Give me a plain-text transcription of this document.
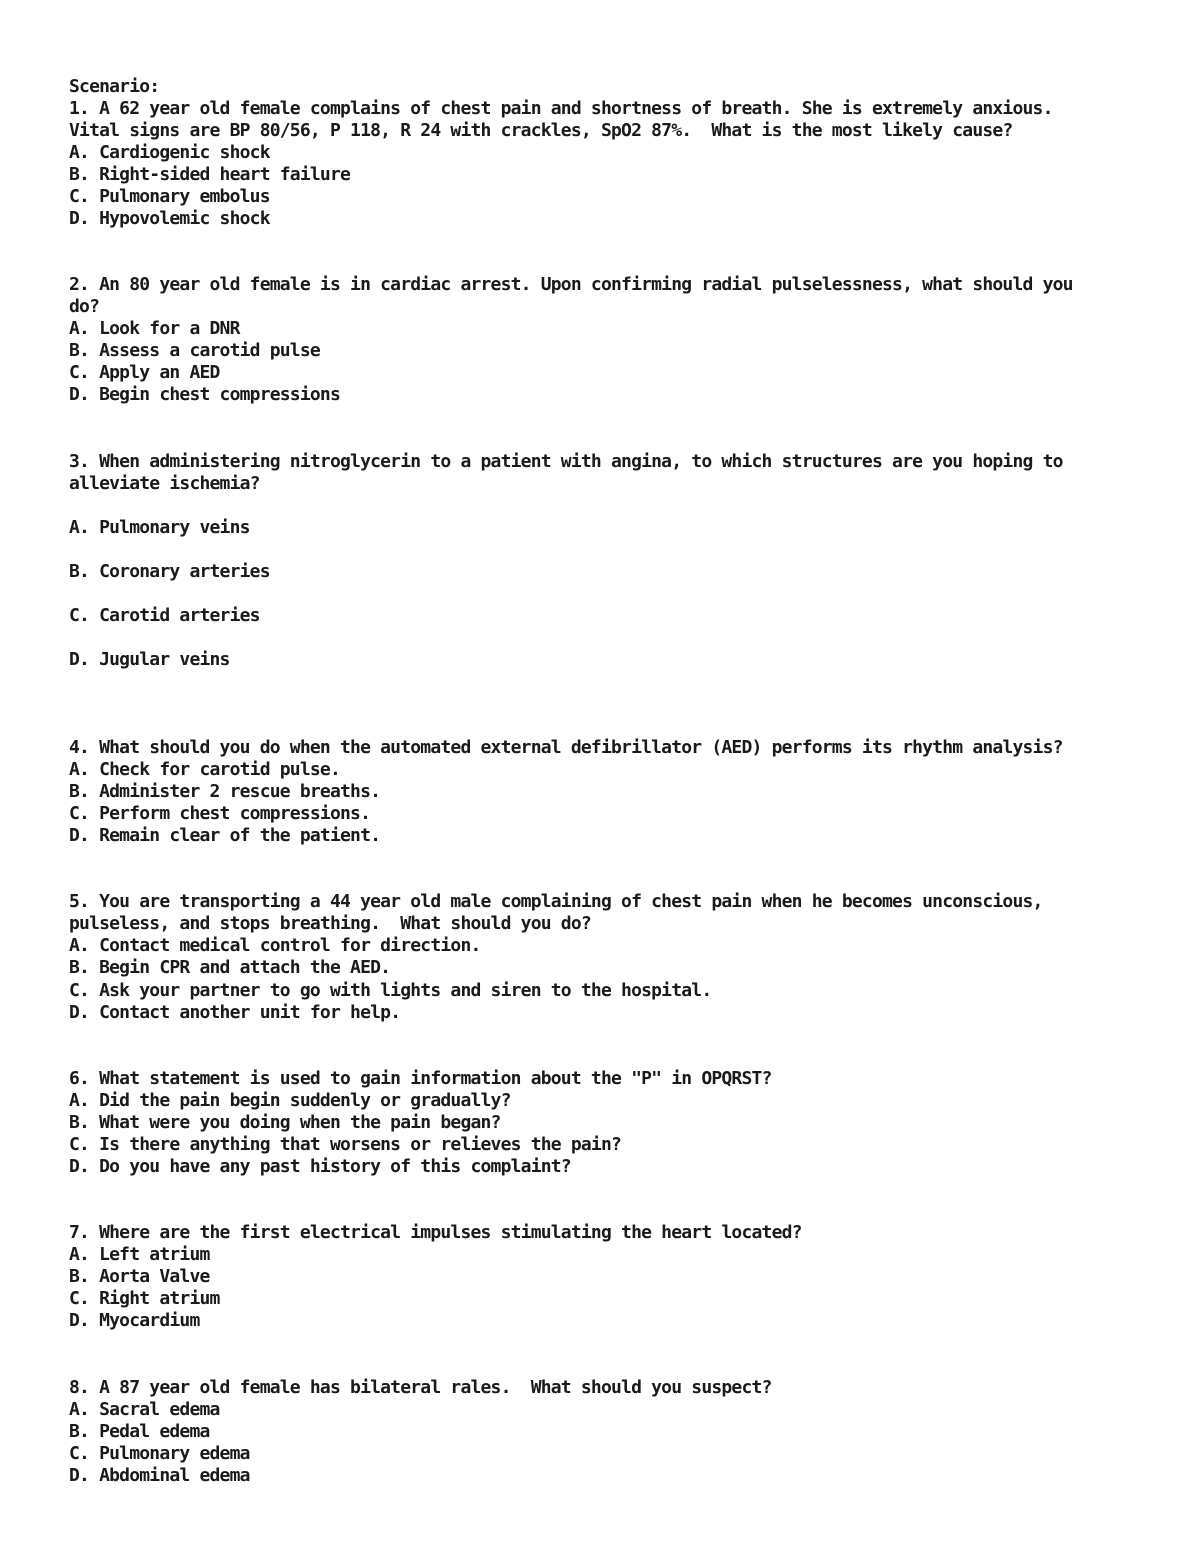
Scenario:

1. A 62 year old female complains of chest pain and shortness of breath. She is extremely anxious.

Vital signs are BP 80/56, P 118, R 24 with crackles, SpO2 87%.  What is the most likely cause?

A. Cardiogenic shock

B. Right-sided heart failure

C. Pulmonary embolus

D. Hypovolemic shock

2. An 80 year old female is in cardiac arrest. Upon confirming radial pulselessness, what should you

do?

A. Look for a DNR

B. Assess a carotid pulse

C. Apply an AED

D. Begin chest compressions

3. When administering nitroglycerin to a patient with angina, to which structures are you hoping to

alleviate ischemia?

A. Pulmonary veins

B. Coronary arteries

C. Carotid arteries

D. Jugular veins

4. What should you do when the automated external defibrillator (AED) performs its rhythm analysis?

A. Check for carotid pulse.

B. Administer 2 rescue breaths.

C. Perform chest compressions.

D. Remain clear of the patient.

5. You are transporting a 44 year old male complaining of chest pain when he becomes unconscious,

pulseless, and stops breathing.  What should you do?

A. Contact medical control for direction.

B. Begin CPR and attach the AED.

C. Ask your partner to go with lights and siren to the hospital.

D. Contact another unit for help.

6. What statement is used to gain information about the "P" in OPQRST?

A. Did the pain begin suddenly or gradually?

B. What were you doing when the pain began?

C. Is there anything that worsens or relieves the pain?

D. Do you have any past history of this complaint?

7. Where are the first electrical impulses stimulating the heart located?

A. Left atrium

B. Aorta Valve

C. Right atrium

D. Myocardium

8. A 87 year old female has bilateral rales.  What should you suspect?

A. Sacral edema

B. Pedal edema

C. Pulmonary edema

D. Abdominal edema
